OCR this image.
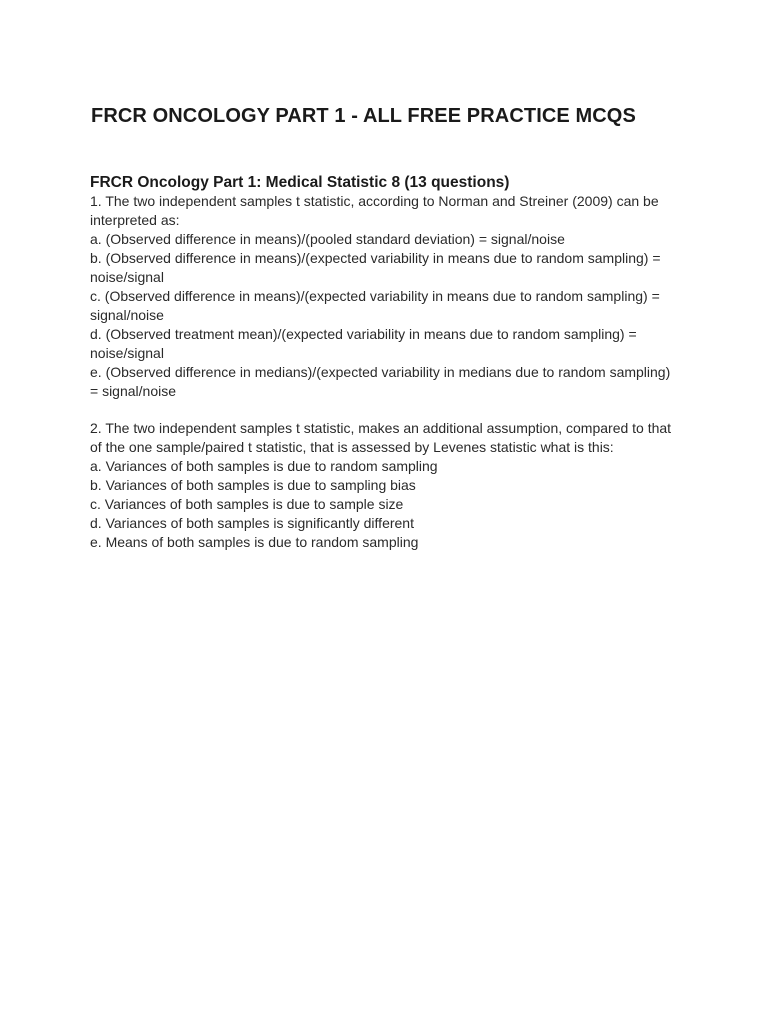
FRCR ONCOLOGY PART 1 - ALL FREE PRACTICE MCQS
FRCR Oncology Part 1: Medical Statistic 8 (13 questions)

1. The two independent samples t statistic, according to Norman and Streiner (2009) can be interpreted as:

a. (Observed difference in means)/(pooled standard deviation) = signal/noise
b. (Observed difference in means)/(expected variability in means due to random sampling) = noise/signal
c. (Observed difference in means)/(expected variability in means due to random sampling) = signal/noise
d. (Observed treatment mean)/(expected variability in means due to random sampling) = noise/signal
e. (Observed difference in medians)/(expected variability in medians due to random sampling) = signal/noise

2. The two independent samples t statistic, makes an additional assumption, compared to that of the one sample/paired t statistic, that is assessed by Levenes statistic what is this:

a. Variances of both samples is due to random sampling
b. Variances of both samples is due to sampling bias
c. Variances of both samples is due to sample size
d. Variances of both samples is significantly different
e. Means of both samples is due to random sampling
